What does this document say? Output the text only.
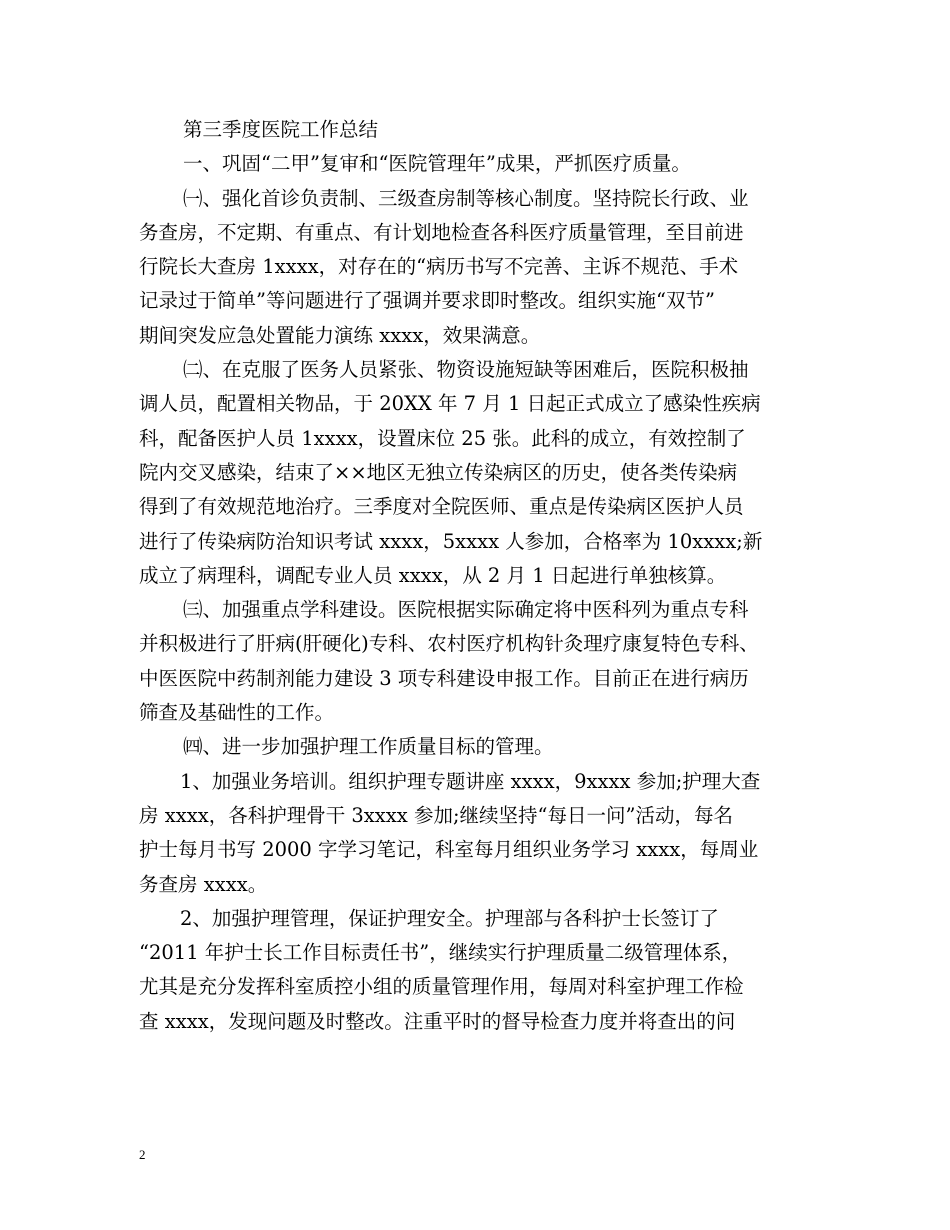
第三季度医院工作总结
一、巩固“二甲”复审和“医院管理年”成果，严抓医疗质量。
㈠、强化首诊负责制、三级查房制等核心制度。坚持院长行政、业
务查房，不定期、有重点、有计划地检查各科医疗质量管理，至目前进
行院长大查房 1xxxx，对存在的“病历书写不完善、主诉不规范、手术
记录过于简单”等问题进行了强调并要求即时整改。组织实施“双节”
期间突发应急处置能力演练 xxxx，效果满意。
㈡、在克服了医务人员紧张、物资设施短缺等困难后，医院积极抽
调人员，配置相关物品，于 20XX 年 7 月 1 日起正式成立了感染性疾病
科，配备医护人员 1xxxx，设置床位 25 张。此科的成立，有效控制了
院内交叉感染，结束了××地区无独立传染病区的历史，使各类传染病
得到了有效规范地治疗。三季度对全院医师、重点是传染病区医护人员
进行了传染病防治知识考试 xxxx，5xxxx 人参加，合格率为 10xxxx;新
成立了病理科，调配专业人员 xxxx，从 2 月 1 日起进行单独核算。
㈢、加强重点学科建设。医院根据实际确定将中医科列为重点专科
并积极进行了肝病(肝硬化)专科、农村医疗机构针灸理疗康复特色专科、
中医医院中药制剂能力建设 3 项专科建设申报工作。目前正在进行病历
筛查及基础性的工作。
㈣、进一步加强护理工作质量目标的管理。
1、加强业务培训。组织护理专题讲座 xxxx，9xxxx 参加;护理大查
房 xxxx，各科护理骨干 3xxxx 参加;继续坚持“每日一问”活动，每名
护士每月书写 2000 字学习笔记，科室每月组织业务学习 xxxx，每周业
务查房 xxxx。
2、加强护理管理，保证护理安全。护理部与各科护士长签订了
“2011 年护士长工作目标责任书”，继续实行护理质量二级管理体系，
尤其是充分发挥科室质控小组的质量管理作用，每周对科室护理工作检
查 xxxx，发现问题及时整改。注重平时的督导检查力度并将查出的问
2
